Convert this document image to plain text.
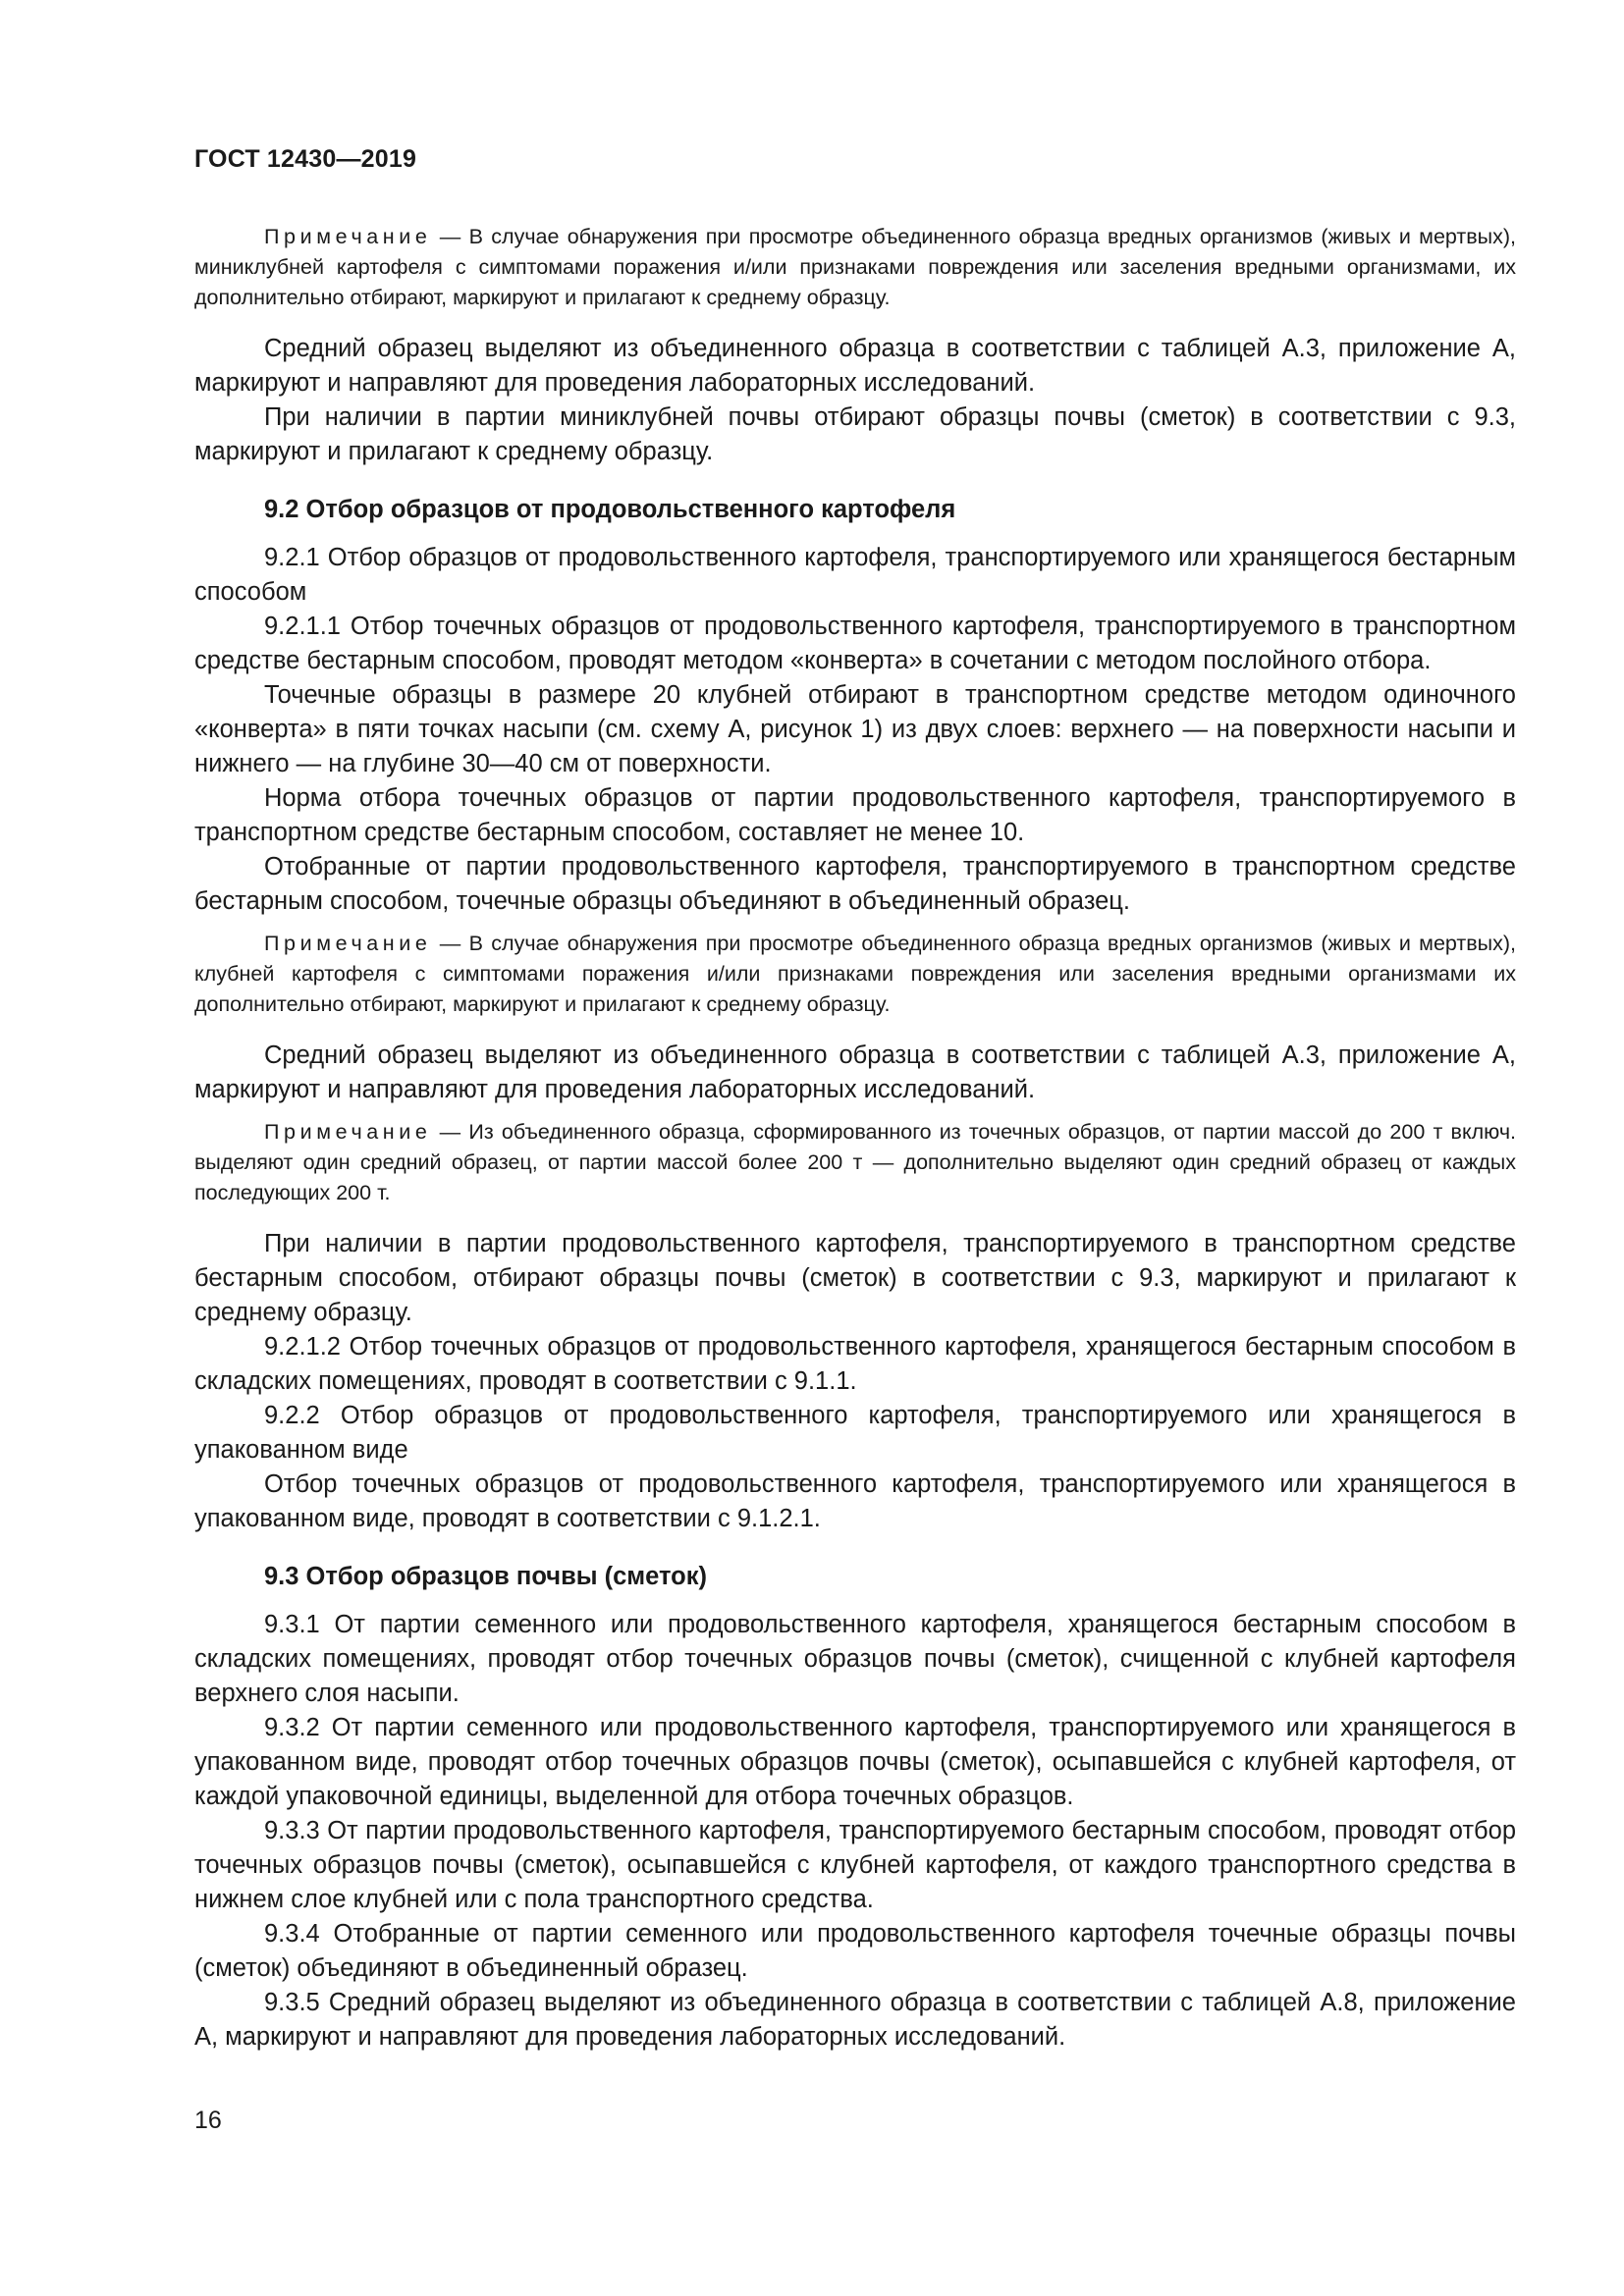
ГОСТ 12430—2019

Примечание — В случае обнаружения при просмотре объединенного образца вредных организмов (живых и мертвых), миниклубней картофеля с симптомами поражения и/или признаками повреждения или заселения вредными организмами, их дополнительно отбирают, маркируют и прилагают к среднему образцу.

Средний образец выделяют из объединенного образца в соответствии с таблицей А.3, приложение А, маркируют и направляют для проведения лабораторных исследований.

При наличии в партии миниклубней почвы отбирают образцы почвы (сметок) в соответствии с 9.3, маркируют и прилагают к среднему образцу.

9.2 Отбор образцов от продовольственного картофеля

9.2.1 Отбор образцов от продовольственного картофеля, транспортируемого или хранящегося бестарным способом

9.2.1.1 Отбор точечных образцов от продовольственного картофеля, транспортируемого в транспортном средстве бестарным способом, проводят методом «конверта» в сочетании с методом послойного отбора.

Точечные образцы в размере 20 клубней отбирают в транспортном средстве методом одиночного «конверта» в пяти точках насыпи (см. схему А, рисунок 1) из двух слоев: верхнего — на поверхности насыпи и нижнего — на глубине 30—40 см от поверхности.

Норма отбора точечных образцов от партии продовольственного картофеля, транспортируемого в транспортном средстве бестарным способом, составляет не менее 10.

Отобранные от партии продовольственного картофеля, транспортируемого в транспортном средстве бестарным способом, точечные образцы объединяют в объединенный образец.

Примечание — В случае обнаружения при просмотре объединенного образца вредных организмов (живых и мертвых), клубней картофеля с симптомами поражения и/или признаками повреждения или заселения вредными организмами их дополнительно отбирают, маркируют и прилагают к среднему образцу.

Средний образец выделяют из объединенного образца в соответствии с таблицей А.3, приложение А, маркируют и направляют для проведения лабораторных исследований.

Примечание — Из объединенного образца, сформированного из точечных образцов, от партии массой до 200 т включ. выделяют один средний образец, от партии массой более 200 т — дополнительно выделяют один средний образец от каждых последующих 200 т.

При наличии в партии продовольственного картофеля, транспортируемого в транспортном средстве бестарным способом, отбирают образцы почвы (сметок) в соответствии с 9.3, маркируют и прилагают к среднему образцу.

9.2.1.2 Отбор точечных образцов от продовольственного картофеля, хранящегося бестарным способом в складских помещениях, проводят в соответствии с 9.1.1.

9.2.2 Отбор образцов от продовольственного картофеля, транспортируемого или хранящегося в упакованном виде

Отбор точечных образцов от продовольственного картофеля, транспортируемого или хранящегося в упакованном виде, проводят в соответствии с 9.1.2.1.

9.3 Отбор образцов почвы (сметок)

9.3.1 От партии семенного или продовольственного картофеля, хранящегося бестарным способом в складских помещениях, проводят отбор точечных образцов почвы (сметок), счищенной с клубней картофеля верхнего слоя насыпи.

9.3.2 От партии семенного или продовольственного картофеля, транспортируемого или хранящегося в упакованном виде, проводят отбор точечных образцов почвы (сметок), осыпавшейся с клубней картофеля, от каждой упаковочной единицы, выделенной для отбора точечных образцов.

9.3.3 От партии продовольственного картофеля, транспортируемого бестарным способом, проводят отбор точечных образцов почвы (сметок), осыпавшейся с клубней картофеля, от каждого транспортного средства в нижнем слое клубней или с пола транспортного средства.

9.3.4 Отобранные от партии семенного или продовольственного картофеля точечные образцы почвы (сметок) объединяют в объединенный образец.

9.3.5 Средний образец выделяют из объединенного образца в соответствии с таблицей А.8, приложение А, маркируют и направляют для проведения лабораторных исследований.

16
